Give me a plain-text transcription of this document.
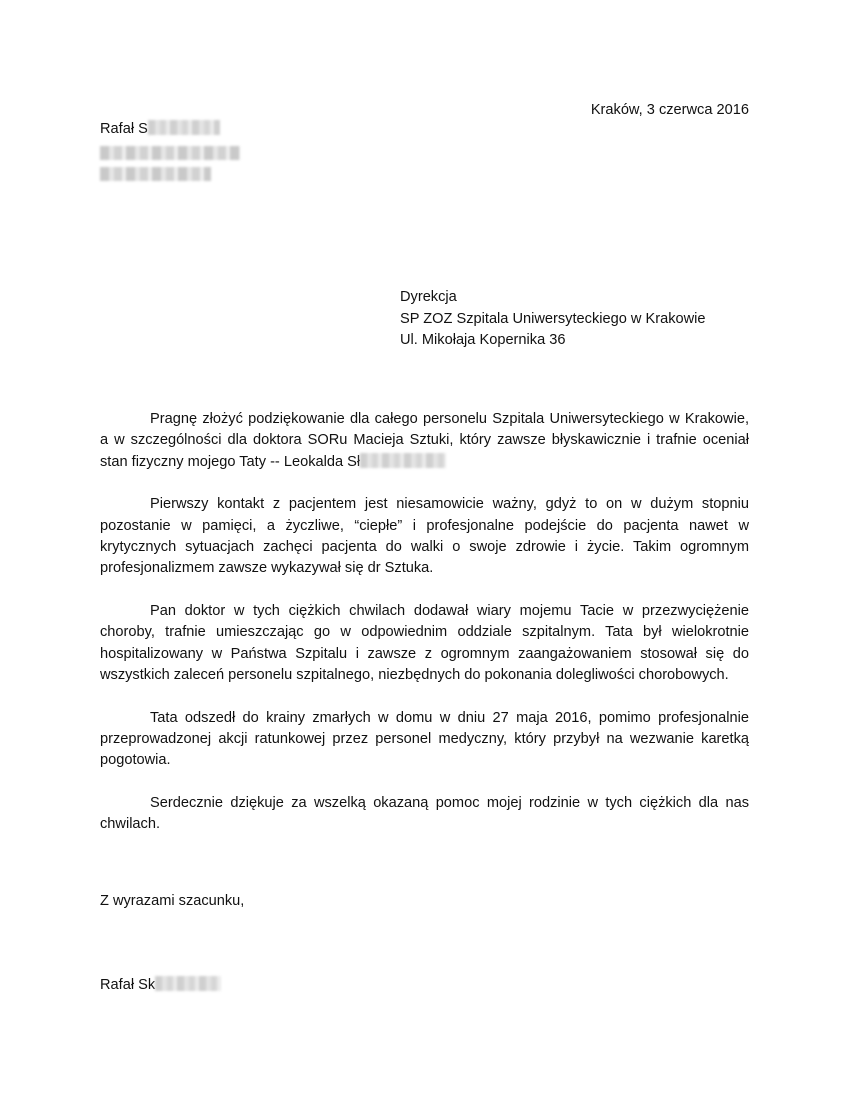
Kraków, 3 czerwca 2016
Rafał S
Dyrekcja
SP ZOZ Szpitala Uniwersyteckiego w Krakowie
Ul. Mikołaja Kopernika 36

Pragnę złożyć podziękowanie dla całego personelu Szpitala Uniwersyteckiego w Krakowie, a w szczególności dla doktora SORu Macieja Sztuki, który zawsze błyskawicznie i trafnie oceniał stan fizyczny mojego Taty -- Leokalda Sł

Pierwszy kontakt z pacjentem jest niesamowicie ważny, gdyż to on w dużym stopniu pozostanie w pamięci, a życzliwe, “ciepłe” i profesjonalne podejście do pacjenta nawet w krytycznych sytuacjach zachęci pacjenta do walki o swoje zdrowie i życie. Takim ogromnym profesjonalizmem zawsze wykazywał się dr Sztuka.

Pan doktor w tych ciężkich chwilach dodawał wiary mojemu Tacie w przezwyciężenie choroby, trafnie umieszczając go w odpowiednim oddziale szpitalnym. Tata był wielokrotnie hospitalizowany w Państwa Szpitalu i zawsze z ogromnym zaangażowaniem stosował się do wszystkich zaleceń personelu szpitalnego, niezbędnych do pokonania dolegliwości chorobowych.

Tata odszedł do krainy zmarłych w domu w dniu 27 maja 2016, pomimo profesjonalnie przeprowadzonej akcji ratunkowej przez personel medyczny, który przybył na wezwanie karetką pogotowia.

Serdecznie dziękuje za wszelką okazaną pomoc mojej rodzinie w tych ciężkich dla nas chwilach.

Z wyrazami szacunku,
Rafał Sk
